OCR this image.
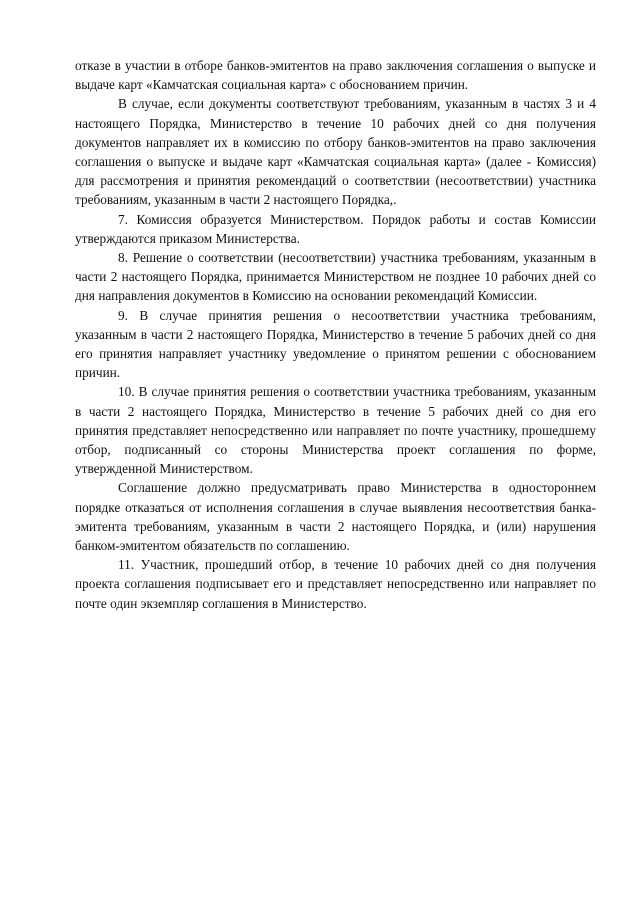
отказе в участии в отборе банков-эмитентов на право заключения соглашения о выпуске и выдаче карт «Камчатская социальная карта» с обоснованием причин.

В случае, если документы соответствуют требованиям, указанным в частях 3 и 4 настоящего Порядка, Министерство в течение 10 рабочих дней со дня получения документов направляет их в комиссию по отбору банков-эмитентов на право заключения соглашения о выпуске и выдаче карт «Камчатская социальная карта» (далее - Комиссия) для рассмотрения и принятия рекомендаций о соответствии (несоответствии) участника требованиям, указанным в части 2 настоящего Порядка,.

7. Комиссия образуется Министерством. Порядок работы и состав Комиссии утверждаются приказом Министерства.

8. Решение о соответствии (несоответствии) участника требованиям, указанным в части 2 настоящего Порядка, принимается Министерством не позднее 10 рабочих дней со дня направления документов в Комиссию на основании рекомендаций Комиссии.

9. В случае принятия решения о несоответствии участника требованиям, указанным в части 2 настоящего Порядка, Министерство в течение 5 рабочих дней со дня его принятия направляет участнику уведомление о принятом решении с обоснованием причин.

10. В случае принятия решения о соответствии участника требованиям, указанным в части 2 настоящего Порядка, Министерство в течение 5 рабочих дней со дня его принятия представляет непосредственно или направляет по почте участнику, прошедшему отбор, подписанный со стороны Министерства проект соглашения по форме, утвержденной Министерством.

Соглашение должно предусматривать право Министерства в одностороннем порядке отказаться от исполнения соглашения в случае выявления несоответствия банка-эмитента требованиям, указанным в части 2 настоящего Порядка, и (или) нарушения банком-эмитентом обязательств по соглашению.

11. Участник, прошедший отбор, в течение 10 рабочих дней со дня получения проекта соглашения подписывает его и представляет непосредственно или направляет по почте один экземпляр соглашения в Министерство.
